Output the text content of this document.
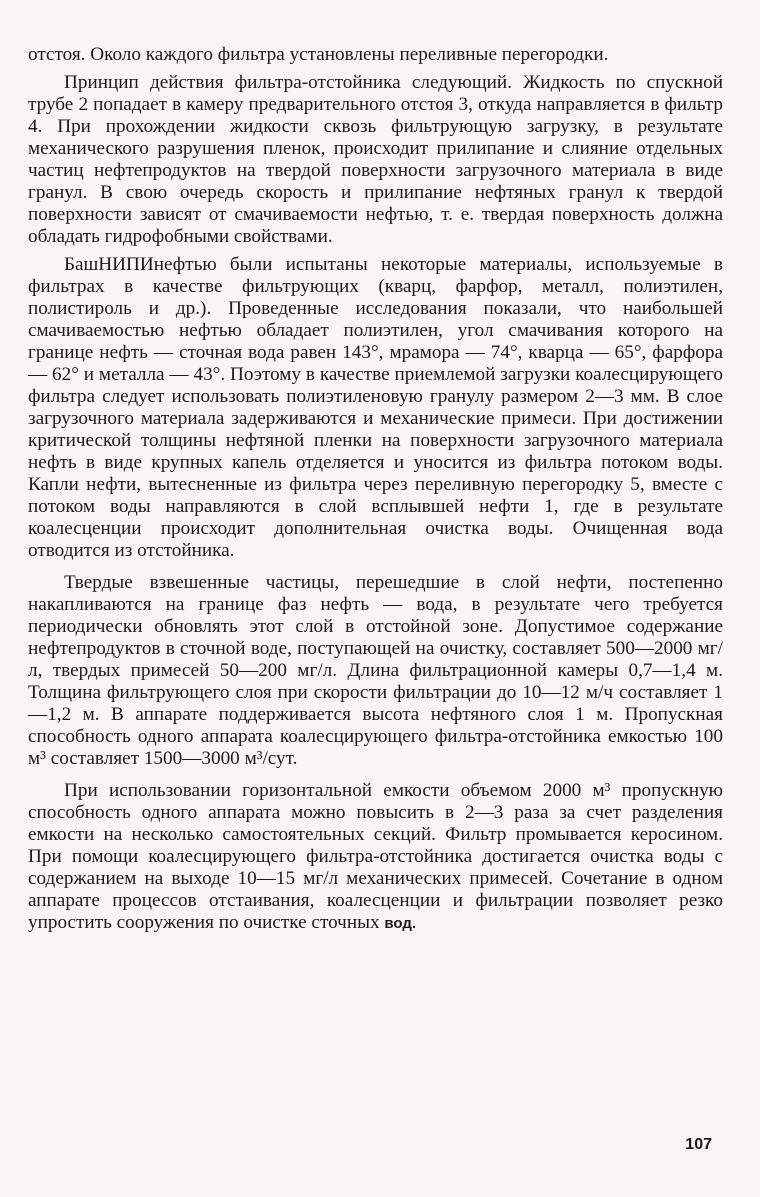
отстоя. Около каждого фильтра установлены переливные перегородки.

Принцип действия фильтра-отстойника следующий. Жидкость по спускной трубе 2 попадает в камеру предварительного отстоя 3, откуда направляется в фильтр 4. При прохождении жидкости сквозь фильтрующую загрузку, в результате механического разрушения пленок, происходит прилипание и слияние отдельных частиц нефтепродуктов на твердой поверхности загрузочного материала в виде гранул. В свою очередь скорость и прилипание нефтяных гранул к твердой поверхности зависят от смачиваемости нефтью, т. е. твердая поверхность должна обладать гидрофобными свойствами.

БашНИПИнефтью были испытаны некоторые материалы, используемые в фильтрах в качестве фильтрующих (кварц, фарфор, металл, полиэтилен, полистироль и др.). Проведенные исследования показали, что наибольшей смачиваемостью нефтью обладает полиэтилен, угол смачивания которого на границе нефть — сточная вода равен 143°, мрамора — 74°, кварца — 65°, фарфора — 62° и металла — 43°. Поэтому в качестве приемлемой загрузки коалесцирующего фильтра следует использовать полиэтиленовую гранулу размером 2—3 мм. В слое загрузочного материала задерживаются и механические примеси. При достижении критической толщины нефтяной пленки на поверхности загрузочного материала нефть в виде крупных капель отделяется и уносится из фильтра потоком воды. Капли нефти, вытесненные из фильтра через переливную перегородку 5, вместе с потоком воды направляются в слой всплывшей нефти 1, где в результате коалесценции происходит дополнительная очистка воды. Очищенная вода отводится из отстойника.

Твердые взвешенные частицы, перешедшие в слой нефти, постепенно накапливаются на границе фаз нефть — вода, в результате чего требуется периодически обновлять этот слой в отстойной зоне. Допустимое содержание нефтепродуктов в сточной воде, поступающей на очистку, составляет 500—2000 мг/л, твердых примесей 50—200 мг/л. Длина фильтрационной камеры 0,7—1,4 м. Толщина фильтрующего слоя при скорости фильтрации до 10—12 м/ч составляет 1—1,2 м. В аппарате поддерживается высота нефтяного слоя 1 м. Пропускная способность одного аппарата коалесцирующего фильтра-отстойника емкостью 100 м³ составляет 1500—3000 м³/сут.

При использовании горизонтальной емкости объемом 2000 м³ пропускную способность одного аппарата можно повысить в 2—3 раза за счет разделения емкости на несколько самостоятельных секций. Фильтр промывается керосином. При помощи коалесцирующего фильтра-отстойника достигается очистка воды с содержанием на выходе 10—15 мг/л механических примесей. Сочетание в одном аппарате процессов отстаивания, коалесценции и фильтрации позволяет резко упростить сооружения по очистке сточных вод.

107
